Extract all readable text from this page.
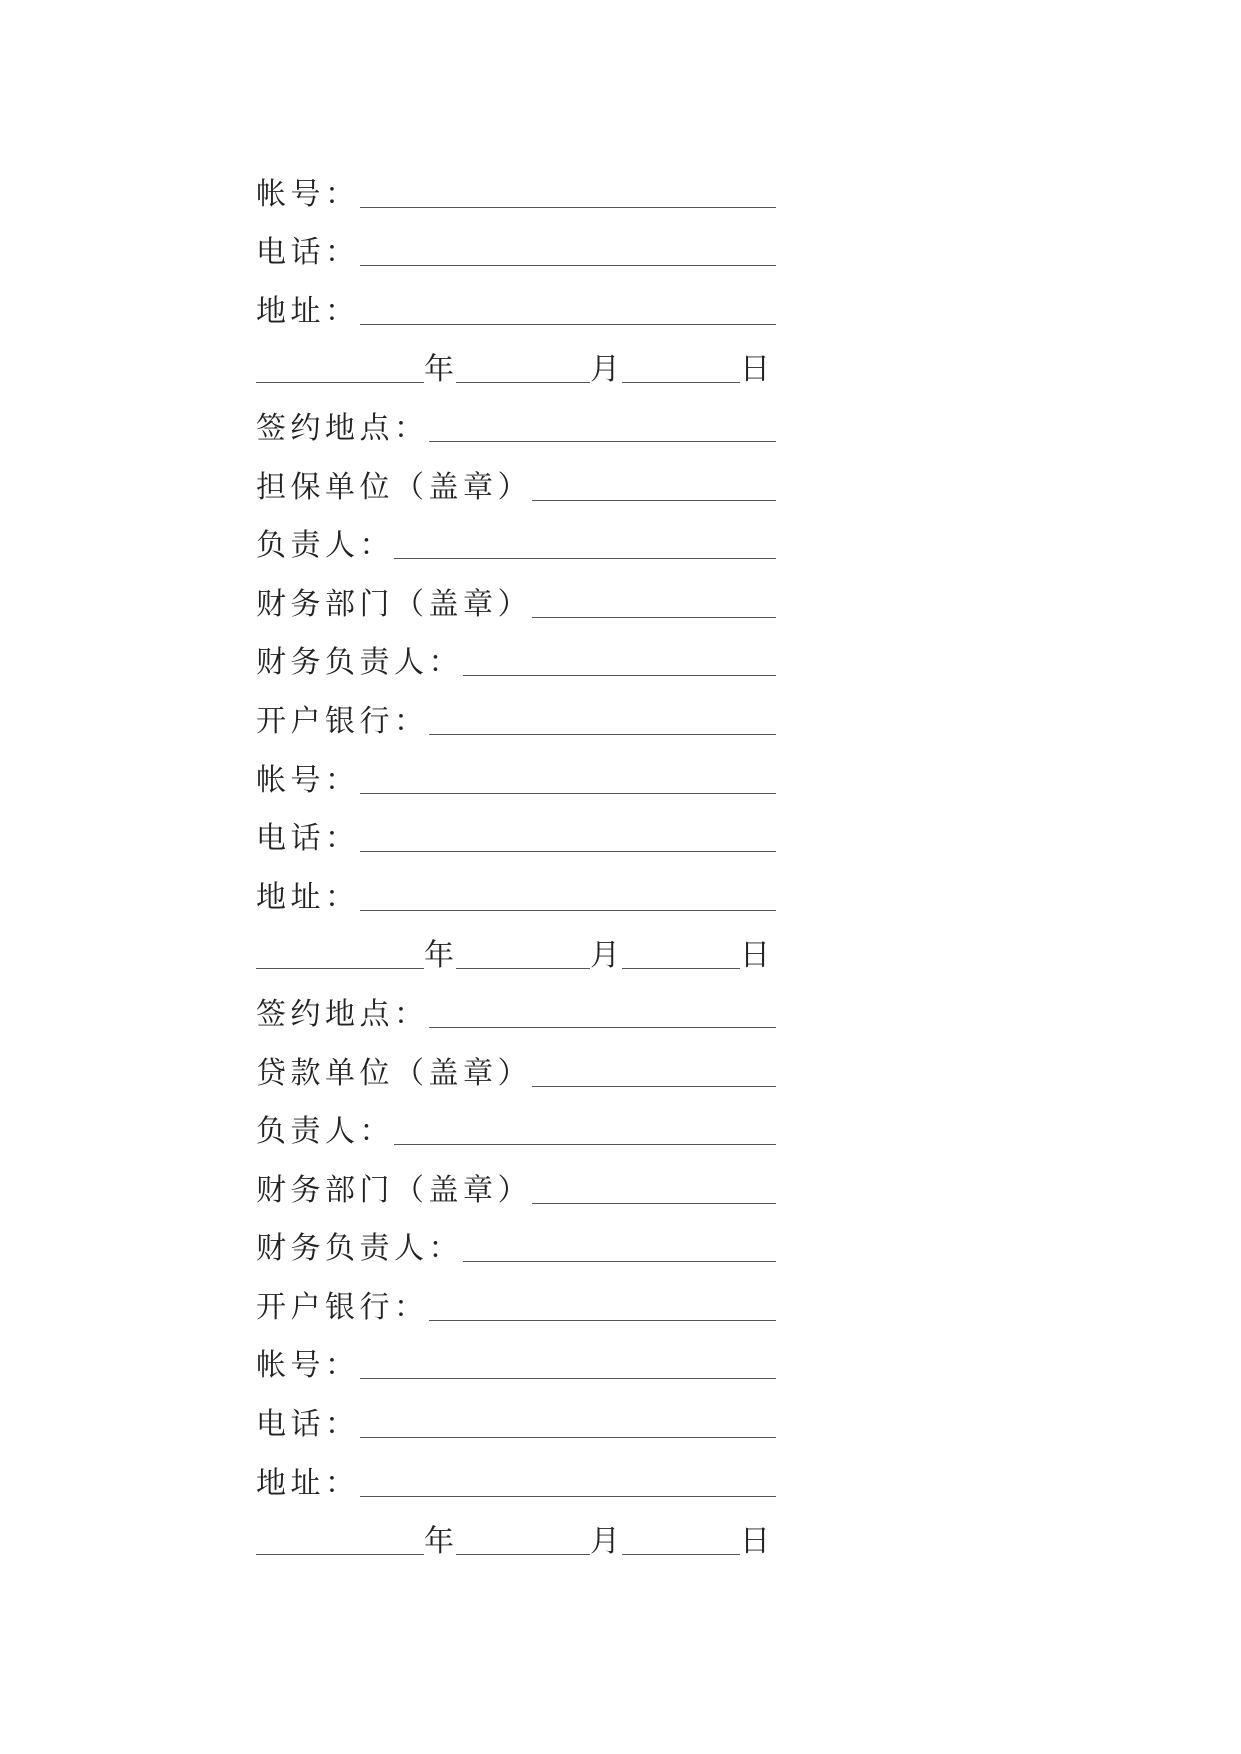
帐号：
电话：
地址：
年	月	日
签约地点：
担保单位（盖章）
负责人：
财务部门（盖章）
财务负责人：
开户银行：
帐号：
电话：
地址：
年	月	日
签约地点：
贷款单位（盖章）
负责人：
财务部门（盖章）
财务负责人：
开户银行：
帐号：
电话：
地址：
年	月	日
